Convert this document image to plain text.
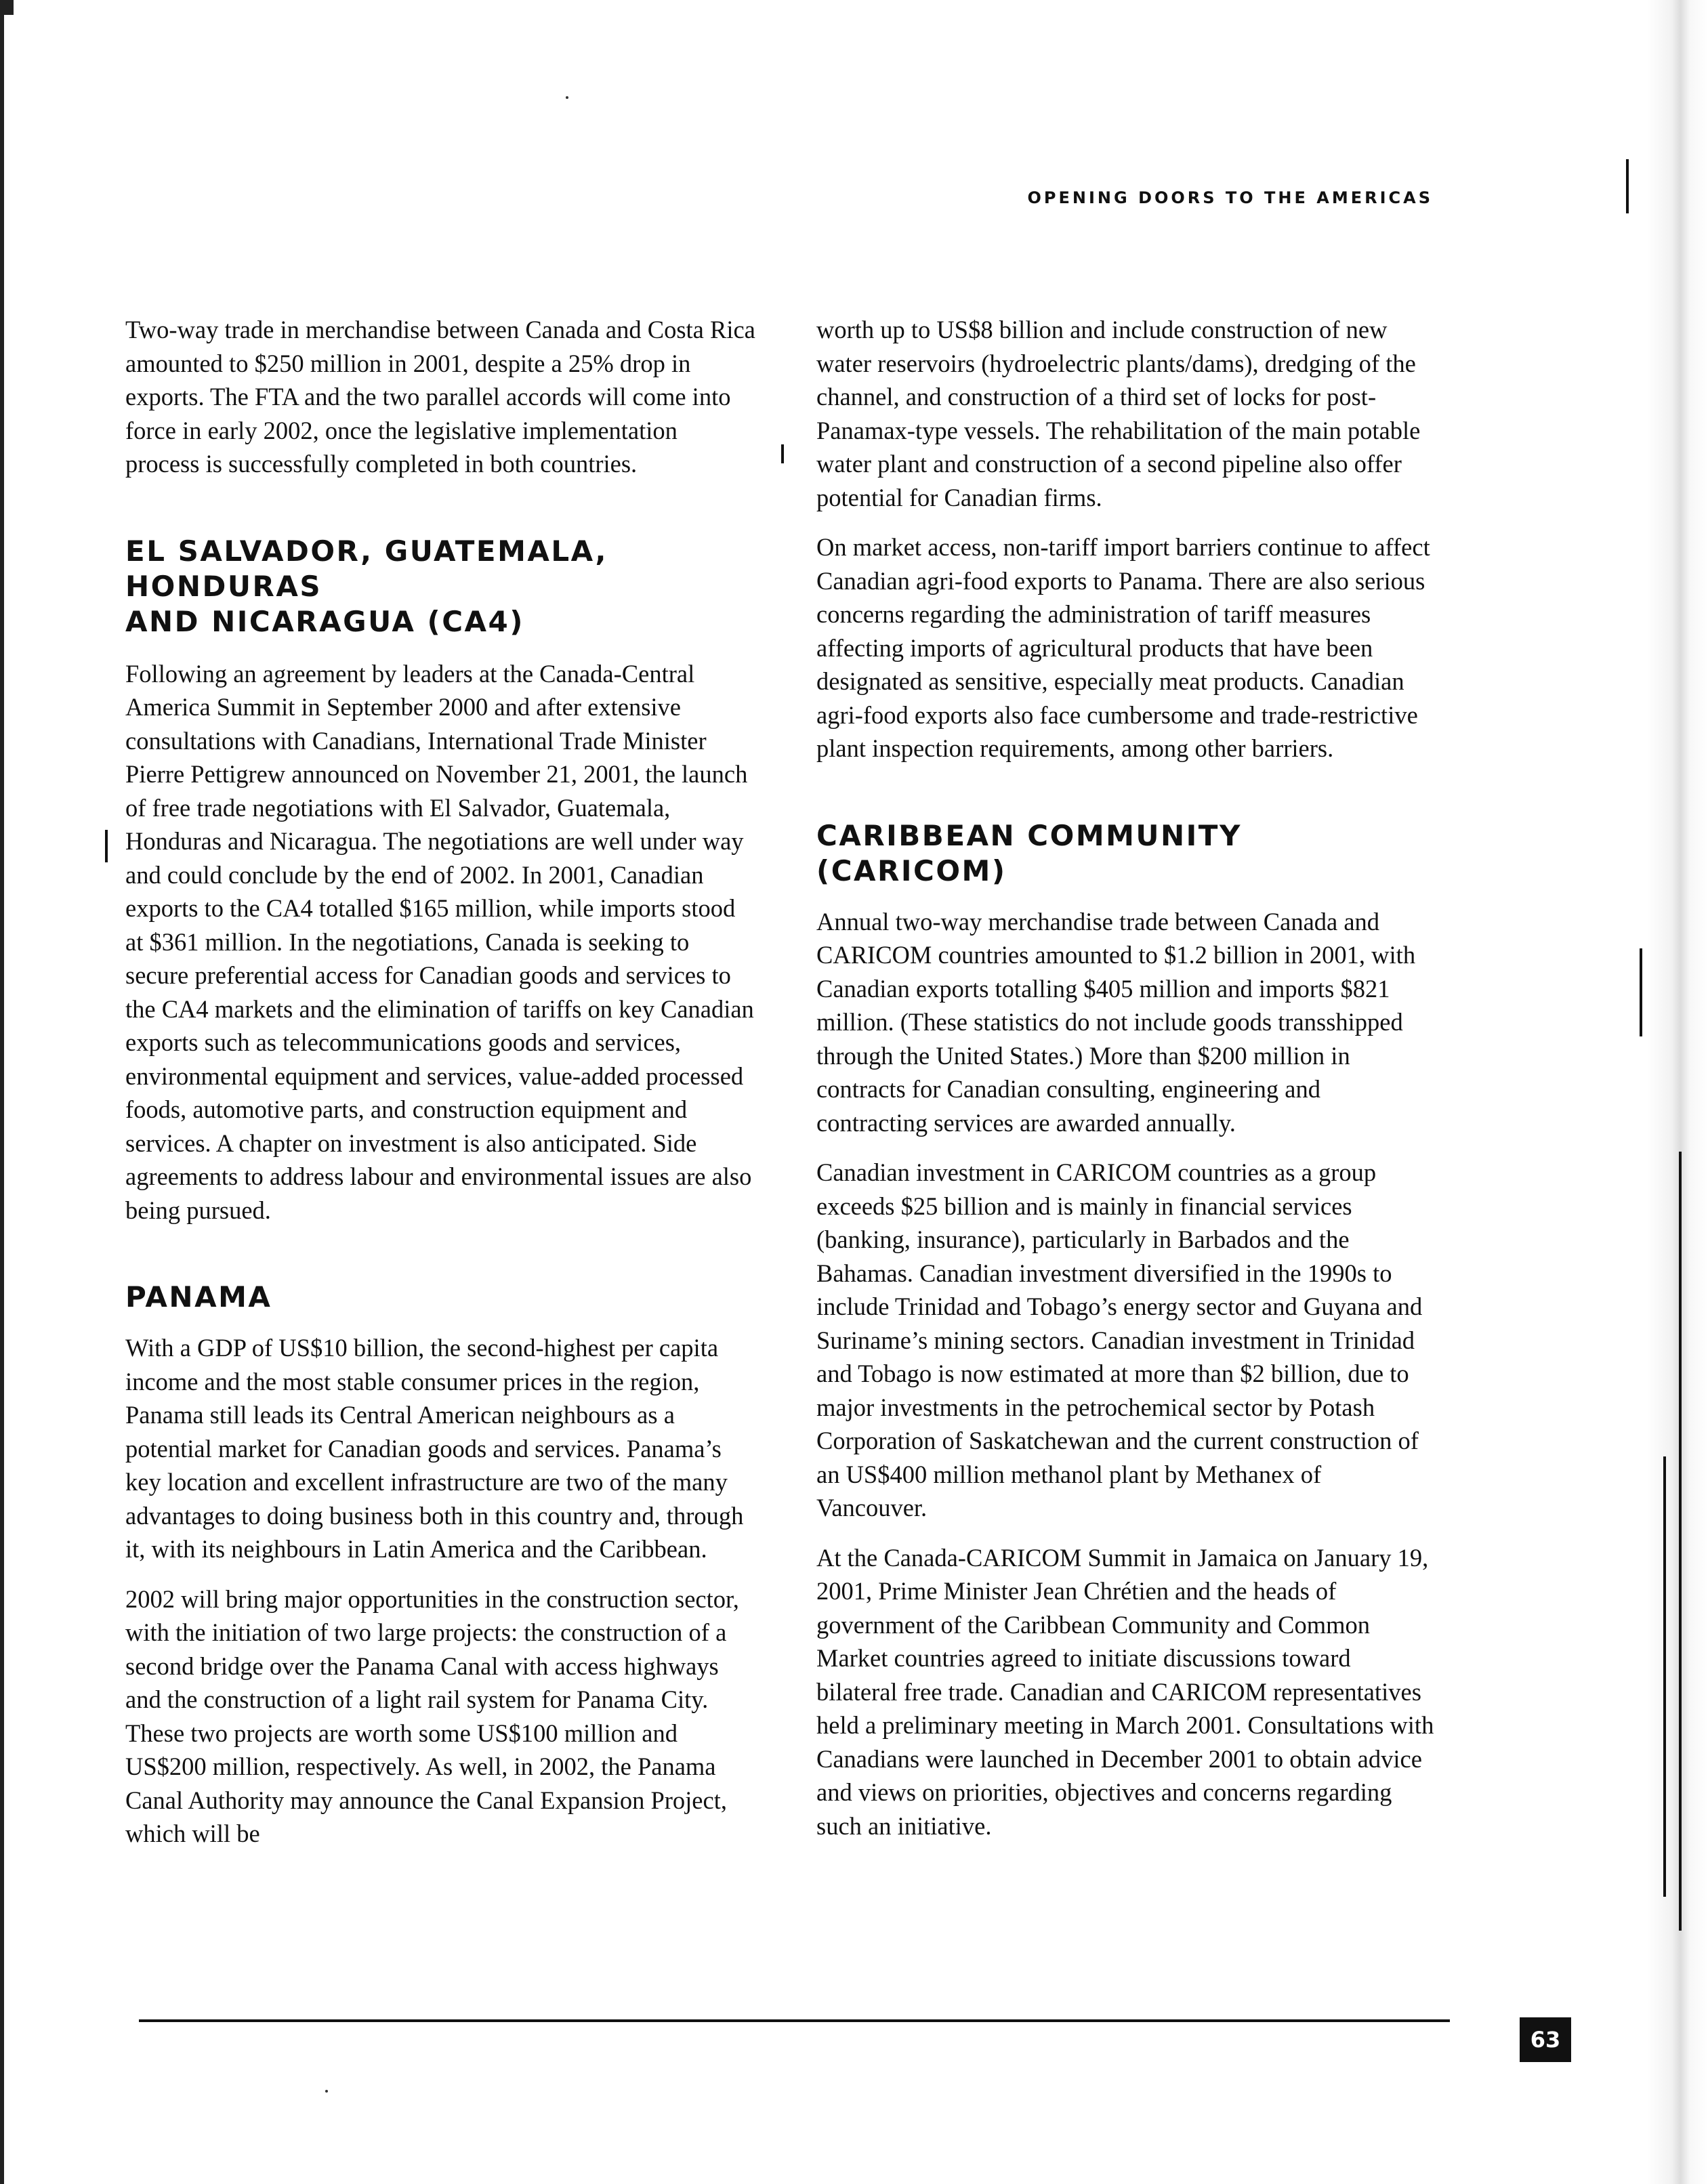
OPENING DOORS TO THE AMERICAS

Two-way trade in merchandise between Canada and Costa Rica amounted to $250 million in 2001, despite a 25% drop in exports. The FTA and the two parallel accords will come into force in early 2002, once the legislative implementation process is successfully completed in both countries.

EL SALVADOR, GUATEMALA, HONDURAS
AND NICARAGUA (CA4)

Following an agreement by leaders at the Canada-Central America Summit in September 2000 and after extensive consultations with Canadians, International Trade Minister Pierre Pettigrew announced on November 21, 2001, the launch of free trade negotiations with El Salvador, Guatemala, Honduras and Nicaragua. The negotiations are well under way and could conclude by the end of 2002. In 2001, Canadian exports to the CA4 totalled $165 million, while imports stood at $361 million. In the negotiations, Canada is seeking to secure preferential access for Canadian goods and services to the CA4 markets and the elimination of tariffs on key Canadian exports such as telecommunications goods and services, environmental equipment and services, value-added processed foods, automotive parts, and construction equipment and services. A chapter on investment is also anticipated. Side agreements to address labour and environmental issues are also being pursued.

PANAMA

With a GDP of US$10 billion, the second-highest per capita income and the most stable consumer prices in the region, Panama still leads its Central American neighbours as a potential market for Canadian goods and services. Panama’s key location and excellent infrastructure are two of the many advantages to doing business both in this country and, through it, with its neighbours in Latin America and the Caribbean.

2002 will bring major opportunities in the construction sector, with the initiation of two large projects: the construction of a second bridge over the Panama Canal with access highways and the construction of a light rail system for Panama City. These two projects are worth some US$100 million and US$200 million, respectively. As well, in 2002, the Panama Canal Authority may announce the Canal Expansion Project, which will be

worth up to US$8 billion and include construction of new water reservoirs (hydroelectric plants/dams), dredging of the channel, and construction of a third set of locks for post-Panamax-type vessels. The rehabilitation of the main potable water plant and construction of a second pipeline also offer potential for Canadian firms.

On market access, non-tariff import barriers continue to affect Canadian agri-food exports to Panama. There are also serious concerns regarding the administration of tariff measures affecting imports of agricultural products that have been designated as sensitive, especially meat products. Canadian agri-food exports also face cumbersome and trade-restrictive plant inspection requirements, among other barriers.

CARIBBEAN COMMUNITY (CARICOM)

Annual two-way merchandise trade between Canada and CARICOM countries amounted to $1.2 billion in 2001, with Canadian exports totalling $405 million and imports $821 million. (These statistics do not include goods transshipped through the United States.) More than $200 million in contracts for Canadian consulting, engineering and contracting services are awarded annually.

Canadian investment in CARICOM countries as a group exceeds $25 billion and is mainly in financial services (banking, insurance), particularly in Barbados and the Bahamas. Canadian investment diversified in the 1990s to include Trinidad and Tobago’s energy sector and Guyana and Suriname’s mining sectors. Canadian investment in Trinidad and Tobago is now estimated at more than $2 billion, due to major investments in the petrochemical sector by Potash Corporation of Saskatchewan and the current construction of an US$400 million methanol plant by Methanex of Vancouver.

At the Canada-CARICOM Summit in Jamaica on January 19, 2001, Prime Minister Jean Chrétien and the heads of government of the Caribbean Community and Common Market countries agreed to initiate discussions toward bilateral free trade. Canadian and CARICOM representatives held a preliminary meeting in March 2001. Consultations with Canadians were launched in December 2001 to obtain advice and views on priorities, objectives and concerns regarding such an initiative.

63
